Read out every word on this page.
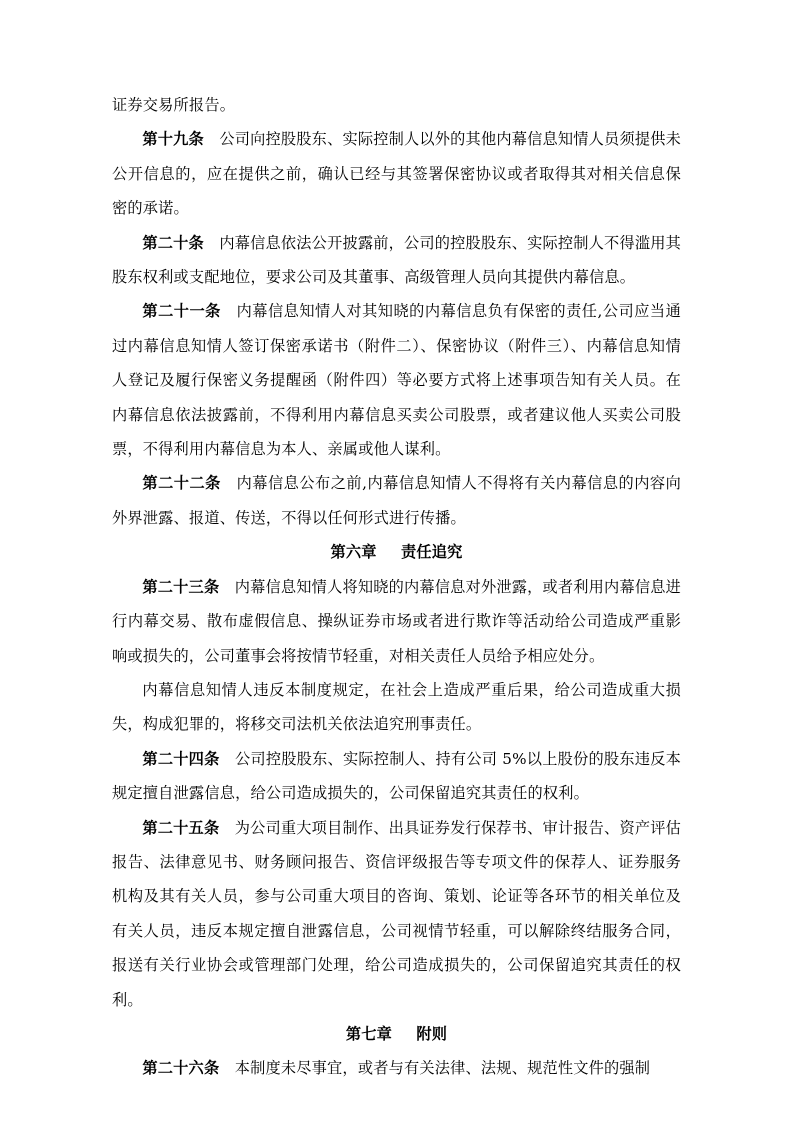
证券交易所报告。

第十九条　 公司向控股股东、实际控制人以外的其他内幕信息知情人员须提供未公开信息的，应在提供之前，确认已经与其签署保密协议或者取得其对相关信息保密的承诺。

第二十条　 内幕信息依法公开披露前，公司的控股股东、实际控制人不得滥用其股东权利或支配地位，要求公司及其董事、高级管理人员向其提供内幕信息。

第二十一条　 内幕信息知情人对其知晓的内幕信息负有保密的责任,公司应当通过内幕信息知情人签订保密承诺书（附件二）、保密协议（附件三）、内幕信息知情人登记及履行保密义务提醒函（附件四）等必要方式将上述事项告知有关人员。在内幕信息依法披露前，不得利用内幕信息买卖公司股票，或者建议他人买卖公司股票，不得利用内幕信息为本人、亲属或他人谋利。

第二十二条　 内幕信息公布之前,内幕信息知情人不得将有关内幕信息的内容向外界泄露、报道、传送，不得以任何形式进行传播。

第六章 责任追究

第二十三条　 内幕信息知情人将知晓的内幕信息对外泄露，或者利用内幕信息进行内幕交易、散布虚假信息、操纵证券市场或者进行欺诈等活动给公司造成严重影响或损失的，公司董事会将按情节轻重，对相关责任人员给予相应处分。

内幕信息知情人违反本制度规定，在社会上造成严重后果，给公司造成重大损失，构成犯罪的，将移交司法机关依法追究刑事责任。

第二十四条　 公司控股股东、实际控制人、持有公司 5%以上股份的股东违反本规定擅自泄露信息，给公司造成损失的，公司保留追究其责任的权利。

第二十五条　 为公司重大项目制作、出具证券发行保荐书、审计报告、资产评估报告、法律意见书、财务顾问报告、资信评级报告等专项文件的保荐人、证券服务机构及其有关人员，参与公司重大项目的咨询、策划、论证等各环节的相关单位及有关人员，违反本规定擅自泄露信息，公司视情节轻重，可以解除终结服务合同，报送有关行业协会或管理部门处理，给公司造成损失的，公司保留追究其责任的权利。

第七章 附则

第二十六条　 本制度未尽事宜，或者与有关法律、法规、规范性文件的强制
